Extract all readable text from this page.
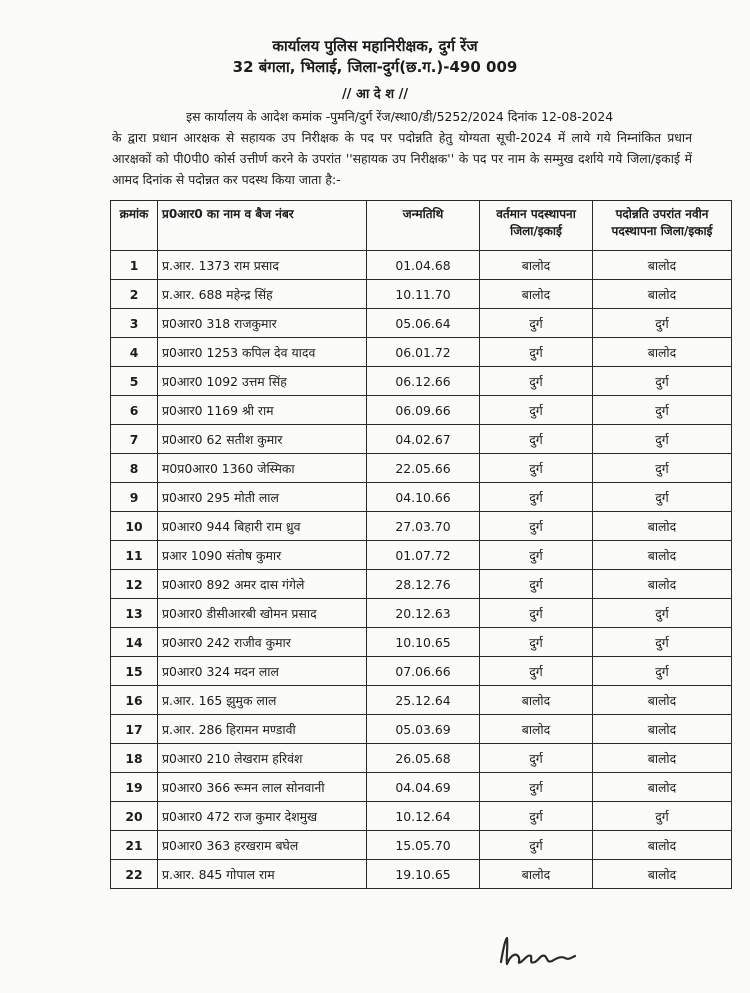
कार्यालय पुलिस महानिरीक्षक, दुर्ग रेंज
32 बंगला, भिलाई, जिला-दुर्ग(छ.ग.)-490 009
// आ दे श //
इस कार्यालय के आदेश कमांक -पुमनि/दुर्ग रेंज/स्था0/डी/5252/2024 दिनांक 12-08-2024
के द्वारा प्रधान आरक्षक से सहायक उप निरीक्षक के पद पर पदोन्नति हेतु योग्यता सूची-2024 में लाये गये निम्नांकित प्रधान आरक्षकों को पी0पी0 कोर्स उत्तीर्ण करने के उपरांत ''सहायक उप निरीक्षक'' के पद पर नाम के सम्मुख दर्शाये गये जिला/इकाई में आमद दिनांक से पदोन्नत कर पदस्थ किया जाता है:-
क्रमांक	प्र0आर0 का नाम व बैज नंबर	जन्मतिथि	वर्तमान पदस्थापना जिला/इकाई	पदोन्नति उपरांत नवीन पदस्थापना जिला/इकाई
1	प्र.आर. 1373 राम प्रसाद	01.04.68	बालोद	बालोद
2	प्र.आर. 688 महेन्द्र सिंह	10.11.70	बालोद	बालोद
3	प्र0आर0 318 राजकुमार	05.06.64	दुर्ग	दुर्ग
4	प्र0आर0 1253 कपिल देव यादव	06.01.72	दुर्ग	बालोद
5	प्र0आर0 1092 उत्तम सिंह	06.12.66	दुर्ग	दुर्ग
6	प्र0आर0 1169 श्री राम	06.09.66	दुर्ग	दुर्ग
7	प्र0आर0 62 सतीश कुमार	04.02.67	दुर्ग	दुर्ग
8	म0प्र0आर0 1360 जेस्मिका	22.05.66	दुर्ग	दुर्ग
9	प्र0आर0 295 मोती लाल	04.10.66	दुर्ग	दुर्ग
10	प्र0आर0 944 बिहारी राम ध्रुव	27.03.70	दुर्ग	बालोद
11	प्रआर 1090 संतोष कुमार	01.07.72	दुर्ग	बालोद
12	प्र0आर0 892 अमर दास गंगेले	28.12.76	दुर्ग	बालोद
13	प्र0आर0 डीसीआरबी खोमन प्रसाद	20.12.63	दुर्ग	दुर्ग
14	प्र0आर0 242 राजीव कुमार	10.10.65	दुर्ग	दुर्ग
15	प्र0आर0 324 मदन लाल	07.06.66	दुर्ग	दुर्ग
16	प्र.आर. 165 झुमुक लाल	25.12.64	बालोद	बालोद
17	प्र.आर. 286 हिरामन मण्डावी	05.03.69	बालोद	बालोद
18	प्र0आर0 210 लेखराम हरिवंश	26.05.68	दुर्ग	बालोद
19	प्र0आर0 366 रूमन लाल सोनवानी	04.04.69	दुर्ग	बालोद
20	प्र0आर0 472 राज कुमार देशमुख	10.12.64	दुर्ग	दुर्ग
21	प्र0आर0 363 हरखराम बघेल	15.05.70	दुर्ग	बालोद
22	प्र.आर. 845 गोपाल राम	19.10.65	बालोद	बालोद
